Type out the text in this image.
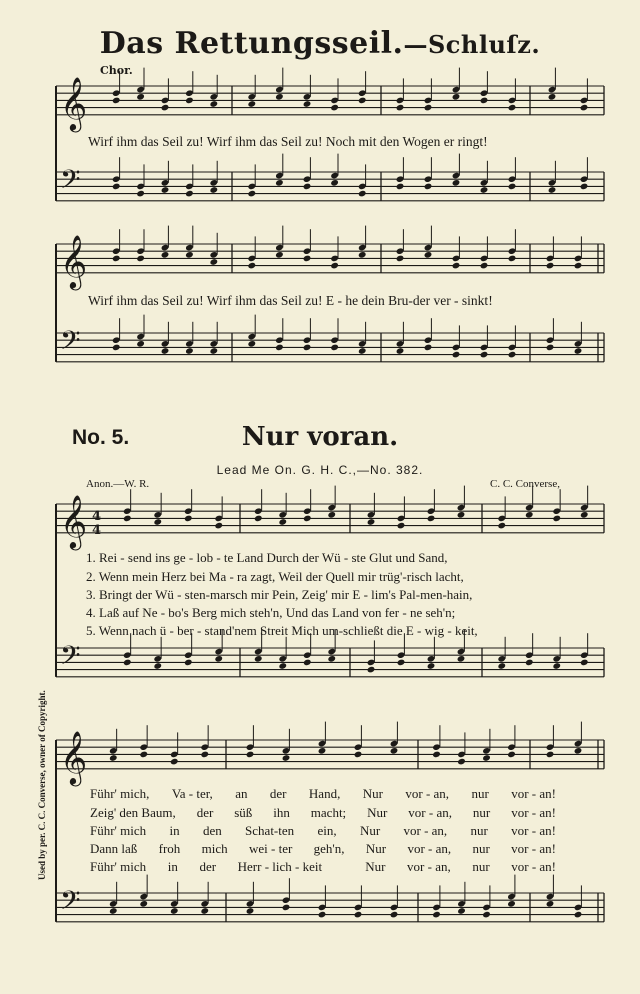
Das Rettungsseil.—Schluſz.
Chor.
Wirf ihm das Seil zu! Wirf ihm das Seil zu! Noch mit den Wogen er ringt!
Wirf ihm das Seil zu! Wirf ihm das Seil zu! E - he dein Bru-der ver - sinkt!
No. 5.	Nur voran.
Lead Me On. G. H. C.,—No. 382.
Anon.—W. R.	C. C. Converse,
1. Rei - send ins ge - lob - te Land Durch der Wü - ste Glut und Sand,
2. Wenn mein Herz bei Ma - ra zagt, Weil der Quell mir trüg'-risch lacht,
3. Bringt der Wü - sten-marsch mir Pein, Zeig' mir E - lim's Pal-men-hain,
4. Laß auf Ne - bo's Berg mich steh'n, Und das Land von fer - ne seh'n;
5. Wenn nach ü - ber - stand'nem Streit Mich um-schließt die E - wig - keit,
Führ' mich, Va - ter, an der Hand, Nur vor - an, nur vor - an!
Zeig' den Baum, der süß ihn macht; Nur vor - an, nur vor - an!
Führ' mich in den Schat-ten ein, Nur vor - an, nur vor - an!
Dann laß froh mich wei - ter geh'n, Nur vor - an, nur vor - an!
Führ' mich in der Herr - lich - keit	Nur vor - an, nur vor - an!
Used by per. C. C. Converse, owner of Copyright.
𝄞
𝄢
𝄞
𝄢
𝄞
𝄢
4
4
𝄞
𝄢
